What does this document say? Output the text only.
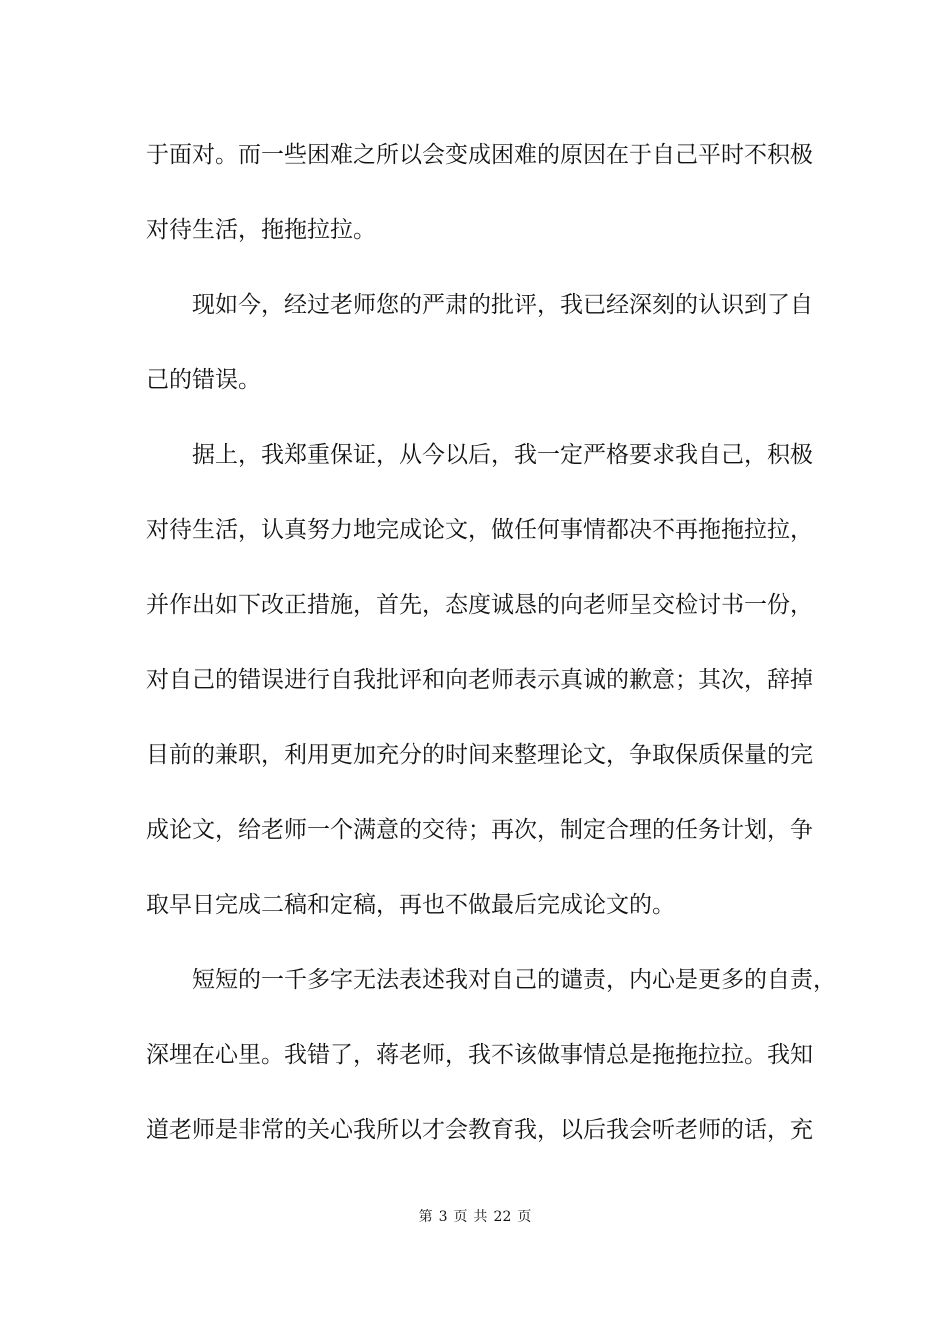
于面对。而一些困难之所以会变成困难的原因在于自己平时不积极
对待生活，拖拖拉拉。
现如今，经过老师您的严肃的批评，我已经深刻的认识到了自
己的错误。
据上，我郑重保证，从今以后，我一定严格要求我自己，积极
对待生活，认真努力地完成论文，做任何事情都决不再拖拖拉拉，
并作出如下改正措施，首先，态度诚恳的向老师呈交检讨书一份，
对自己的错误进行自我批评和向老师表示真诚的歉意；其次，辞掉
目前的兼职，利用更加充分的时间来整理论文，争取保质保量的完
成论文，给老师一个满意的交待；再次，制定合理的任务计划，争
取早日完成二稿和定稿，再也不做最后完成论文的。
短短的一千多字无法表述我对自己的谴责，内心是更多的自责，
深埋在心里。我错了，蒋老师，我不该做事情总是拖拖拉拉。我知
道老师是非常的关心我所以才会教育我，以后我会听老师的话，充
第 3 页 共 22 页
